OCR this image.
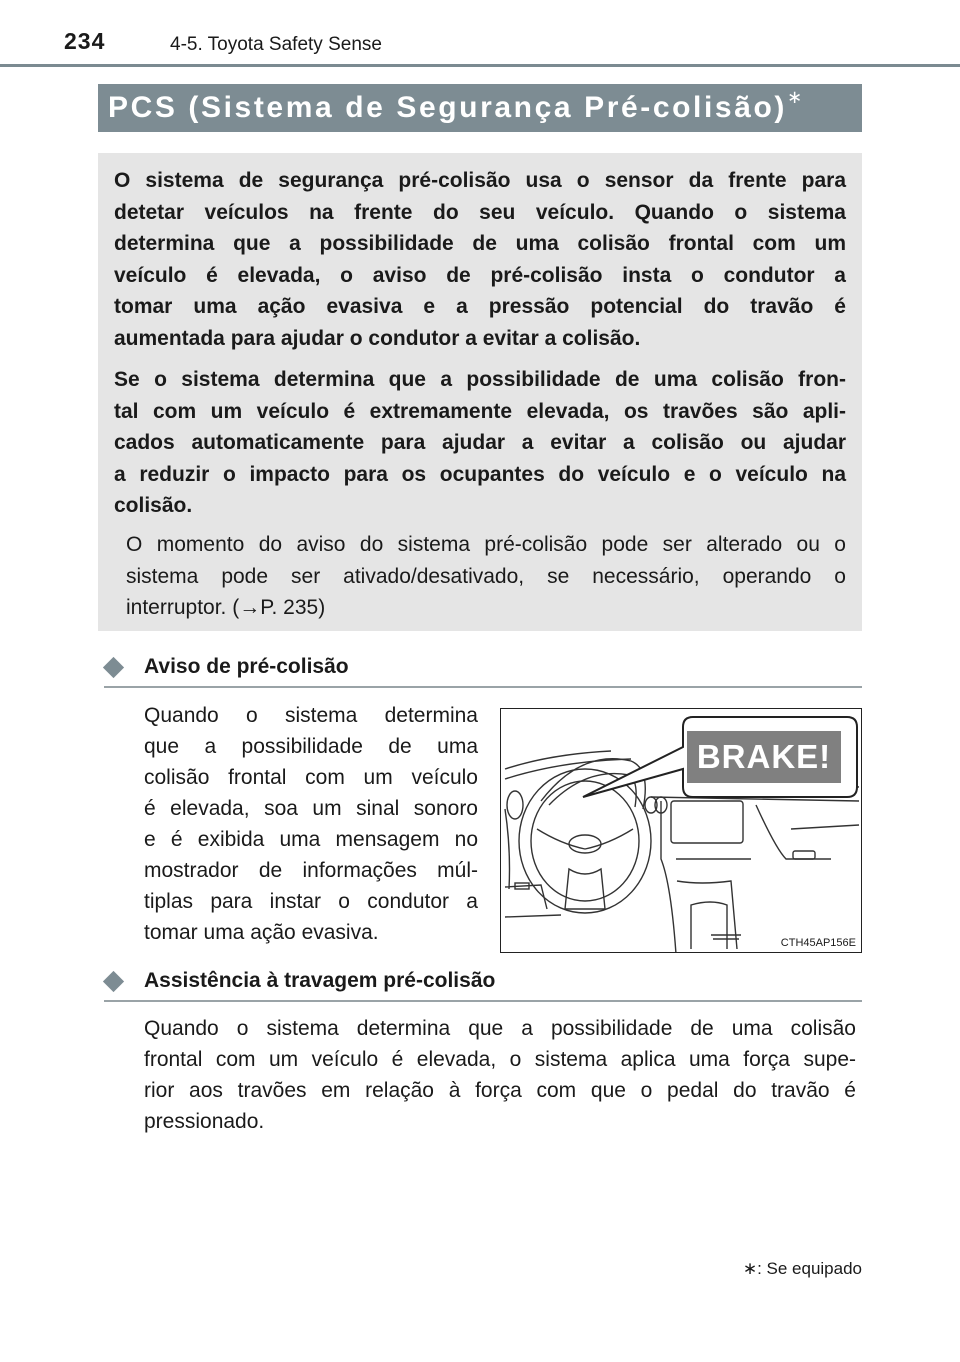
234	4-5. Toyota Safety Sense
PCS (Sistema de Segurança Pré-colisão)∗
O sistema de segurança pré-colisão usa o sensor da frente para
detetar veículos na frente do seu veículo. Quando o sistema
determina que a possibilidade de uma colisão frontal com um
veículo é elevada, o aviso de pré-colisão insta o condutor a
tomar uma ação evasiva e a pressão potencial do travão é
aumentada para ajudar o condutor a evitar a colisão.
Se o sistema determina que a possibilidade de uma colisão fron-
tal com um veículo é extremamente elevada, os travões são apli-
cados automaticamente para ajudar a evitar a colisão ou ajudar
a reduzir o impacto para os ocupantes do veículo e o veículo na
colisão.
O momento do aviso do sistema pré-colisão pode ser alterado ou o
sistema pode ser ativado/desativado, se necessário, operando o
interruptor. (→P. 235)
Aviso de pré-colisão
Quando o sistema determina
que a possibilidade de uma
colisão frontal com um veículo
é elevada, soa um sinal sonoro
e é exibida uma mensagem no
mostrador de informações múl-
tiplas para instar o condutor a
tomar uma ação evasiva.
BRAKE!
CTH45AP156E
Assistência à travagem pré-colisão
Quando o sistema determina que a possibilidade de uma colisão
frontal com um veículo é elevada, o sistema aplica uma força supe-
rior aos travões em relação à força com que o pedal do travão é
pressionado.
∗: Se equipado
